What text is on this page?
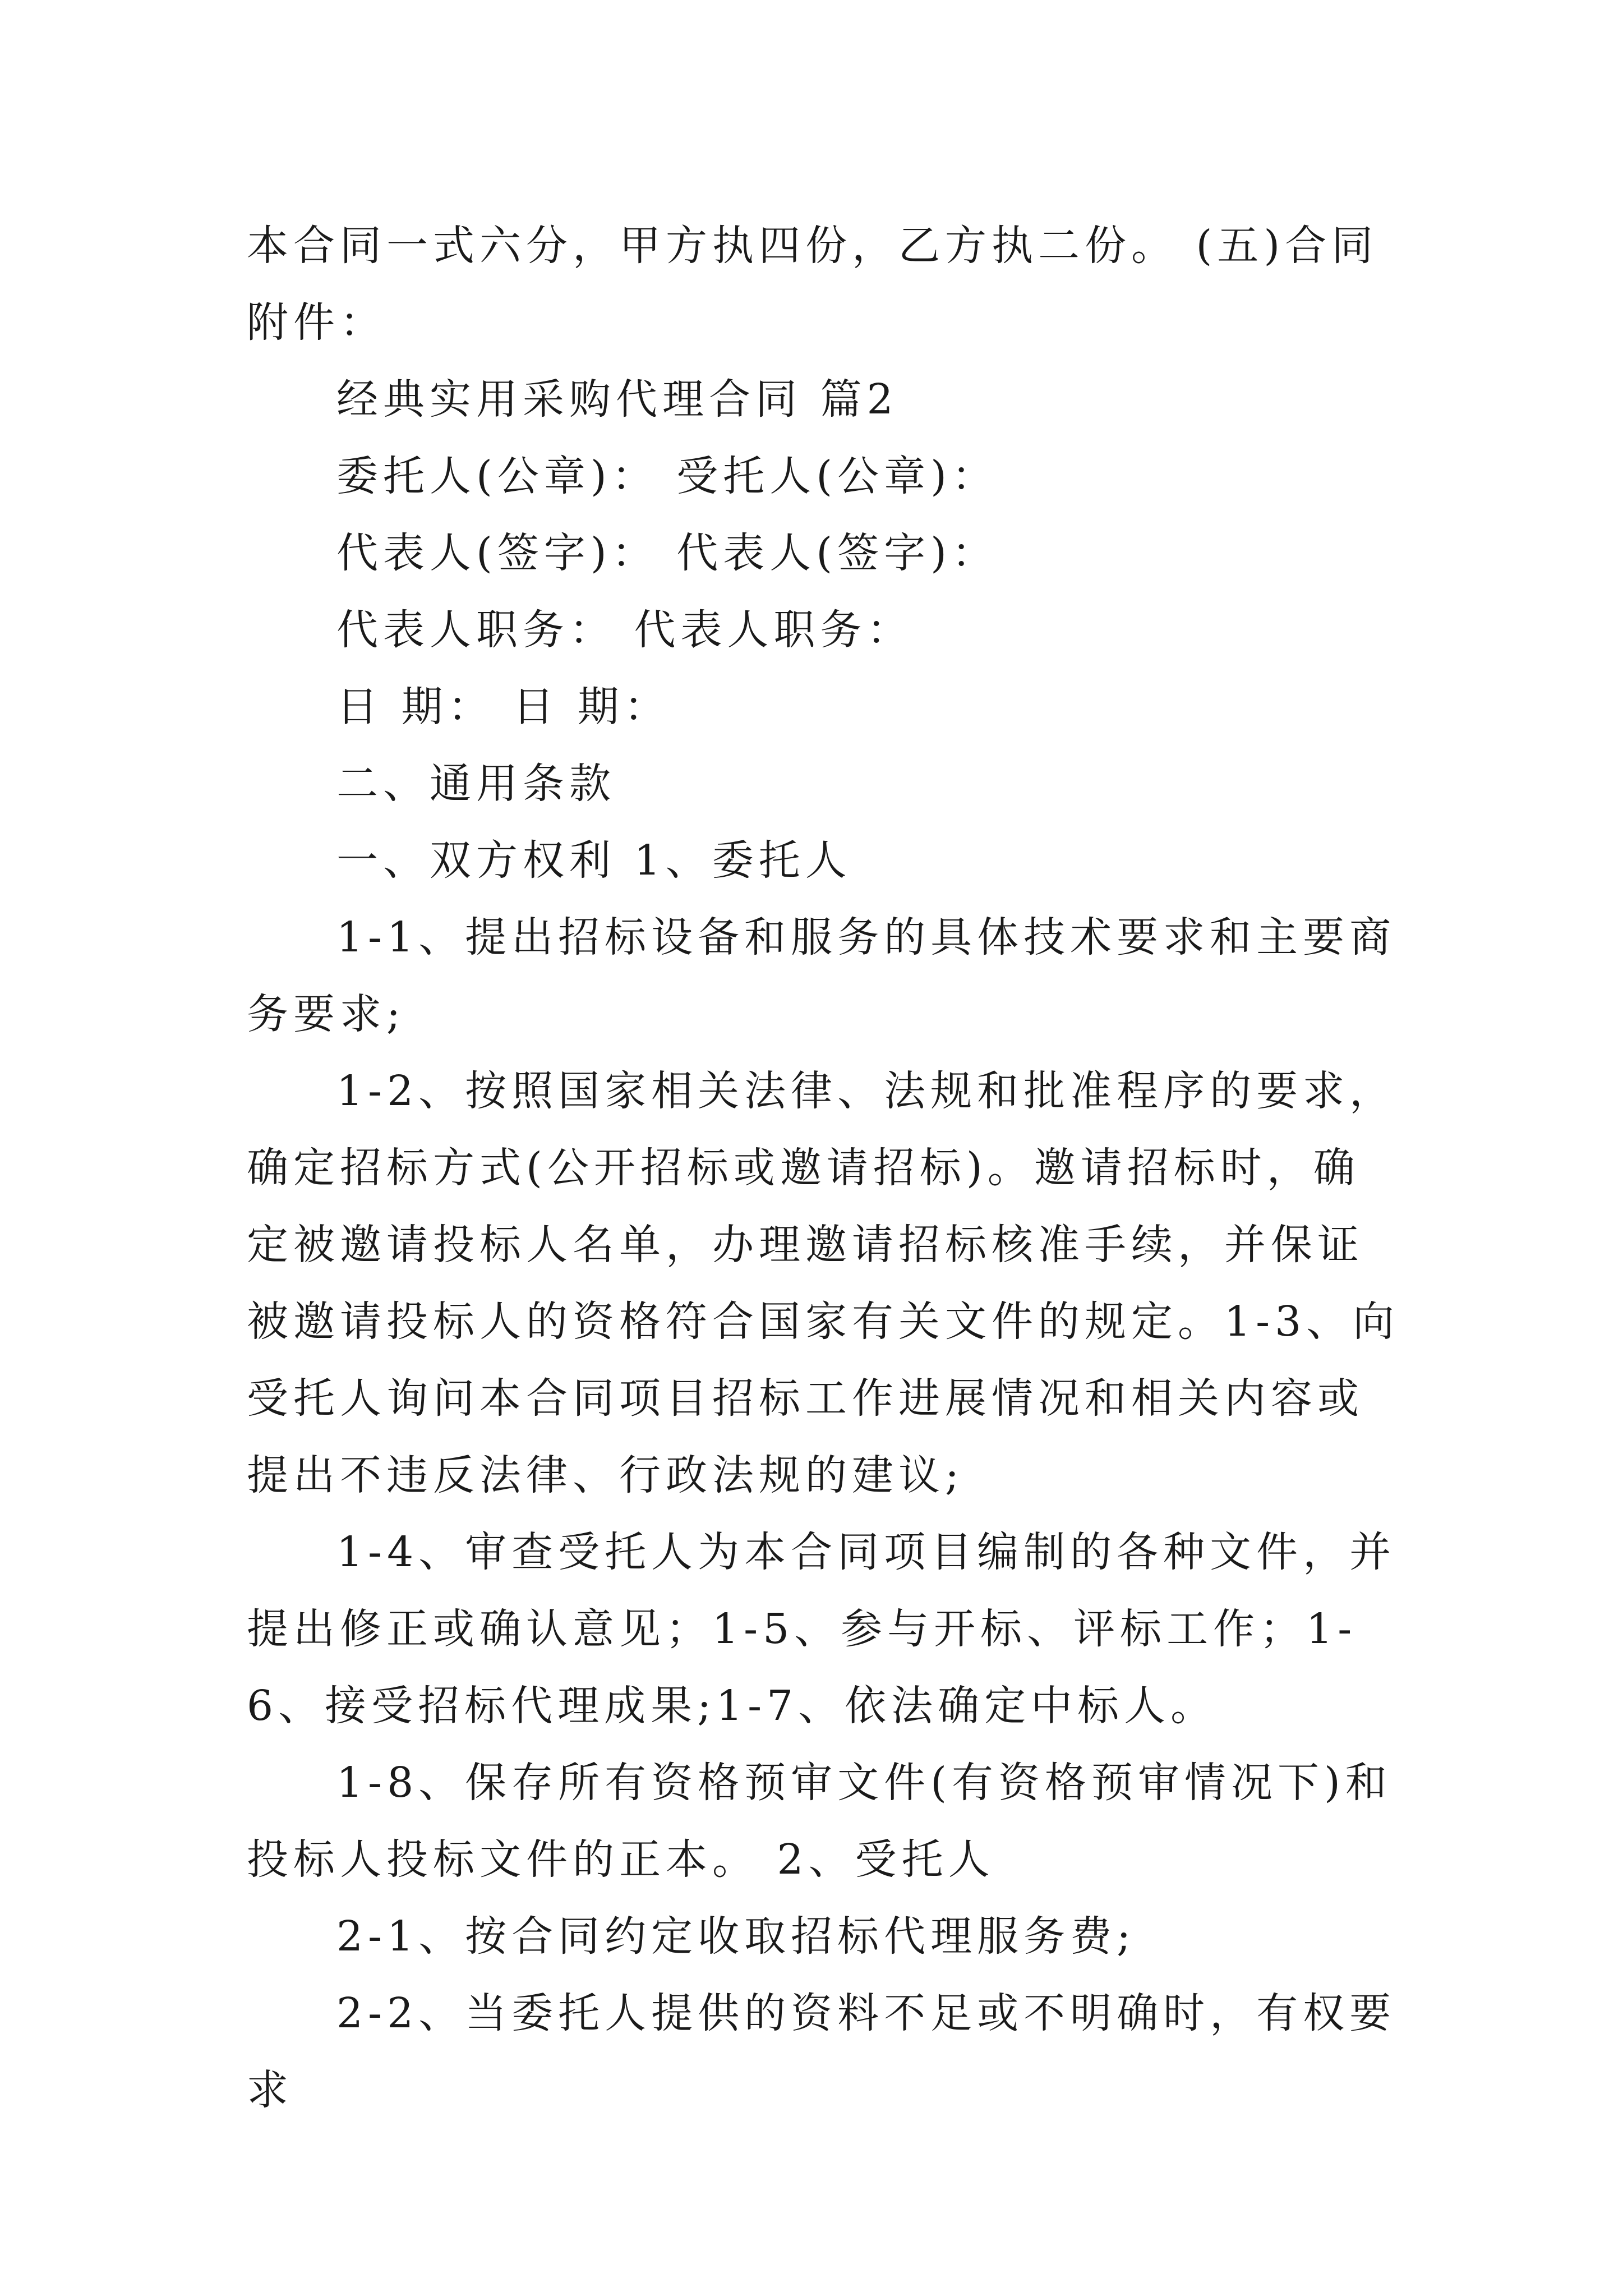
本合同一式六分，甲方执四份，乙方执二份。 (五)合同附件：

经典实用采购代理合同 篇2

委托人(公章)： 受托人(公章)：

代表人(签字)： 代表人(签字)：

代表人职务： 代表人职务：

日 期： 日 期：

二、通用条款

一、双方权利 1、委托人

1-1、提出招标设备和服务的具体技术要求和主要商务要求;

1-2、按照国家相关法律、法规和批准程序的要求，确定招标方式(公开招标或邀请招标)。邀请招标时，确定被邀请投标人名单，办理邀请招标核准手续，并保证被邀请投标人的资格符合国家有关文件的规定。1-3、向受托人询问本合同项目招标工作进展情况和相关内容或提出不违反法律、行政法规的建议;

1-4、审查受托人为本合同项目编制的各种文件，并提出修正或确认意见；1-5、参与开标、评标工作；1-6、接受招标代理成果;1-7、依法确定中标人。

1-8、保存所有资格预审文件(有资格预审情况下)和投标人投标文件的正本。 2、受托人

2-1、按合同约定收取招标代理服务费;

2-2、当委托人提供的资料不足或不明确时，有权要求
